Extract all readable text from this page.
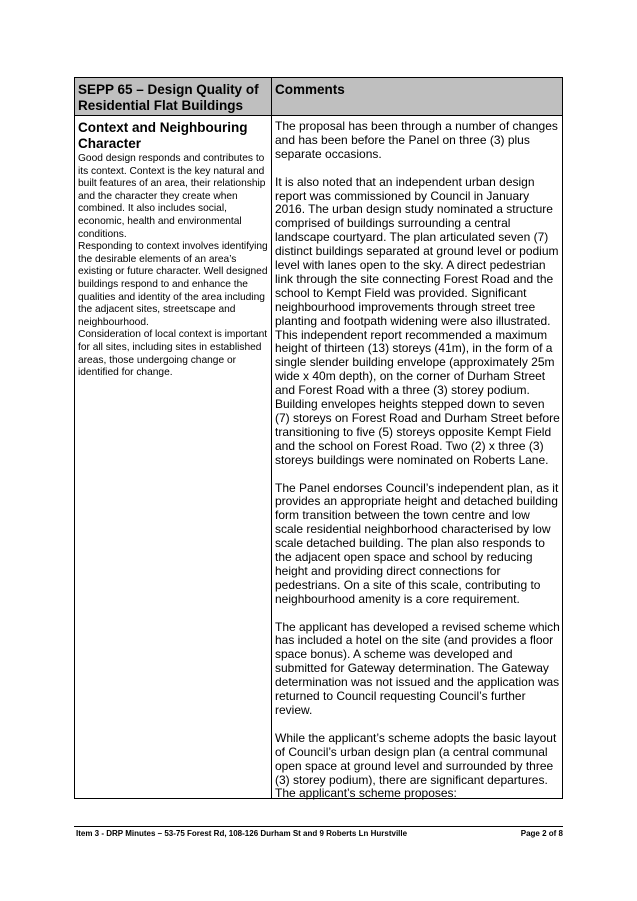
SEPP 65 – Design Quality of Residential Flat Buildings
Comments
Context and Neighbouring Character

Good design responds and contributes to its context. Context is the key natural and built features of an area, their relationship and the character they create when combined. It also includes social, economic, health and environmental conditions.

Responding to context involves identifying the desirable elements of an area’s existing or future character. Well designed buildings respond to and enhance the qualities and identity of the area including the adjacent sites, streetscape and neighbourhood.

Consideration of local context is important for all sites, including sites in established areas, those undergoing change or identified for change.

The proposal has been through a number of changes and has been before the Panel on three (3) plus separate occasions.

It is also noted that an independent urban design report was commissioned by Council in January 2016. The urban design study nominated a structure comprised of buildings surrounding a central landscape courtyard. The plan articulated seven (7) distinct buildings separated at ground level or podium level with lanes open to the sky. A direct pedestrian link through the site connecting Forest Road and the school to Kempt Field was provided. Significant neighbourhood improvements through street tree planting and footpath widening were also illustrated. This independent report recommended a maximum height of thirteen (13) storeys (41m), in the form of a single slender building envelope (approximately 25m wide x 40m depth), on the corner of Durham Street and Forest Road with a three (3) storey podium. Building envelopes heights stepped down to seven (7) storeys on Forest Road and Durham Street before transitioning to five (5) storeys opposite Kempt Field and the school on Forest Road. Two (2) x three (3) storeys buildings were nominated on Roberts Lane.

The Panel endorses Council’s independent plan, as it provides an appropriate height and detached building form transition between the town centre and low scale residential neighborhood characterised by low scale detached building. The plan also responds to the adjacent open space and school by reducing height and providing direct connections for pedestrians. On a site of this scale, contributing to neighbourhood amenity is a core requirement.

The applicant has developed a revised scheme which has included a hotel on the site (and provides a floor space bonus). A scheme was developed and submitted for Gateway determination. The Gateway determination was not issued and the application was returned to Council requesting Council’s further review.

While the applicant’s scheme adopts the basic layout of Council’s urban design plan (a central communal open space at ground level and surrounded by three (3) storey podium), there are significant departures. The applicant’s scheme proposes:

Item 3 - DRP Minutes – 53-75 Forest Rd, 108-126 Durham St and 9 Roberts Ln Hurstville	Page 2 of 8
